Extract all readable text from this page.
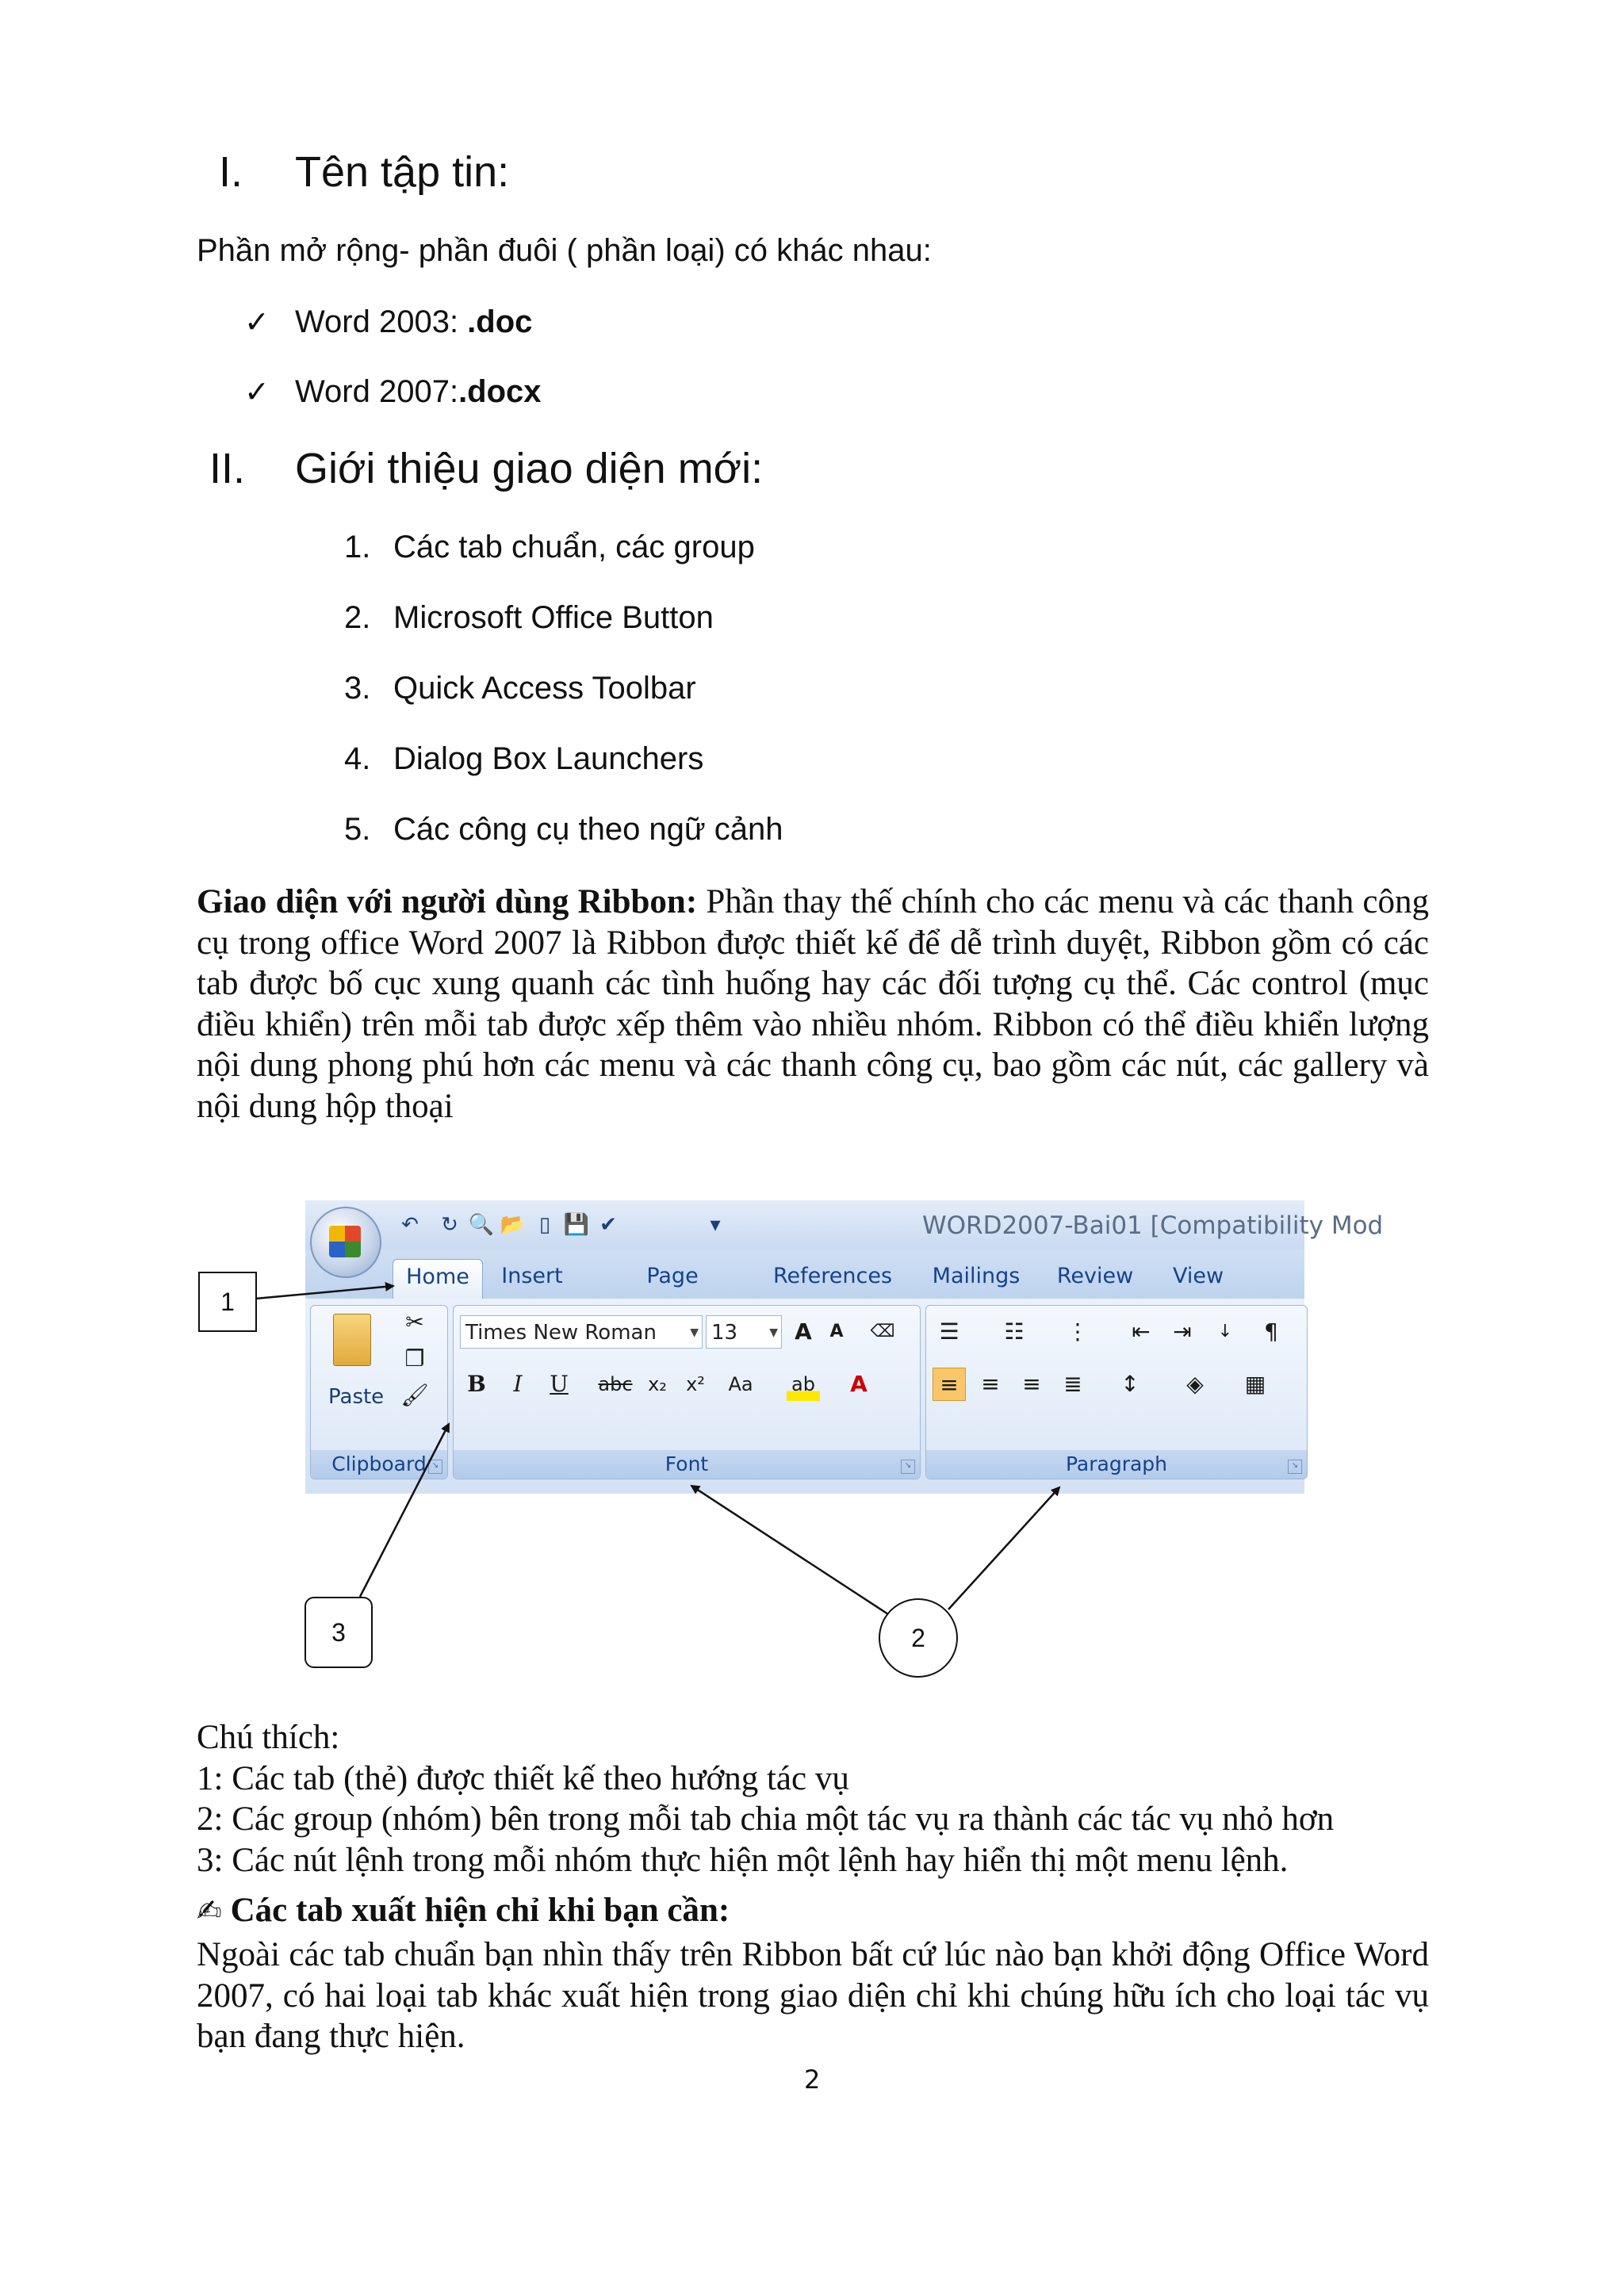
I. Tên tập tin:
Phần mở rộng- phần đuôi ( phần loại) có khác nhau:
✓ Word 2003: .doc
✓ Word 2007:.docx
II. Giới thiệu giao diện mới:
1. Các tab chuẩn, các group
2. Microsoft Office Button
3. Quick Access Toolbar
4. Dialog Box Launchers
5. Các công cụ theo ngữ cảnh
Giao diện với người dùng Ribbon: Phần thay thế chính cho các menu và các thanh công cụ trong office Word 2007 là Ribbon được thiết kế để dễ trình duyệt, Ribbon gồm có các tab được bố cục xung quanh các tình huống hay các đối tượng cụ thể. Các control (mục điều khiển) trên mỗi tab được xếp thêm vào nhiều nhóm. Ribbon có thể điều khiển lượng nội dung phong phú hơn các menu và các thanh công cụ, bao gồm các nút, các gallery và nội dung hộp thoại
↶ ↻ 🔍 📂 ▯ 💾 ✔	▾	WORD2007-Bai01 [Compatibility Mod
Home	Insert	Page	References Mailings Review View
Paste
✂
❐
🖌
Clipboard ↘
Times New Roman	▼ 13	▼ A	A	⌫
B	I	U	abc x₂	x²	Aa	ab	A
Font	↘
☰	☷	⋮	⇤	⇥	↓	¶
≡	≡	≡	≣	↕	◈	▦
Paragraph	↘
1
3	2
Chú thích:
1: Các tab (thẻ) được thiết kế theo hướng tác vụ
2: Các group (nhóm) bên trong mỗi tab chia một tác vụ ra thành các tác vụ nhỏ hơn
3: Các nút lệnh trong mỗi nhóm thực hiện một lệnh hay hiển thị một menu lệnh.
✍ Các tab xuất hiện chỉ khi bạn cần:
Ngoài các tab chuẩn bạn nhìn thấy trên Ribbon bất cứ lúc nào bạn khởi động Office Word 2007, có hai loại tab khác xuất hiện trong giao diện chỉ khi chúng hữu ích cho loại tác vụ bạn đang thực hiện.
2
